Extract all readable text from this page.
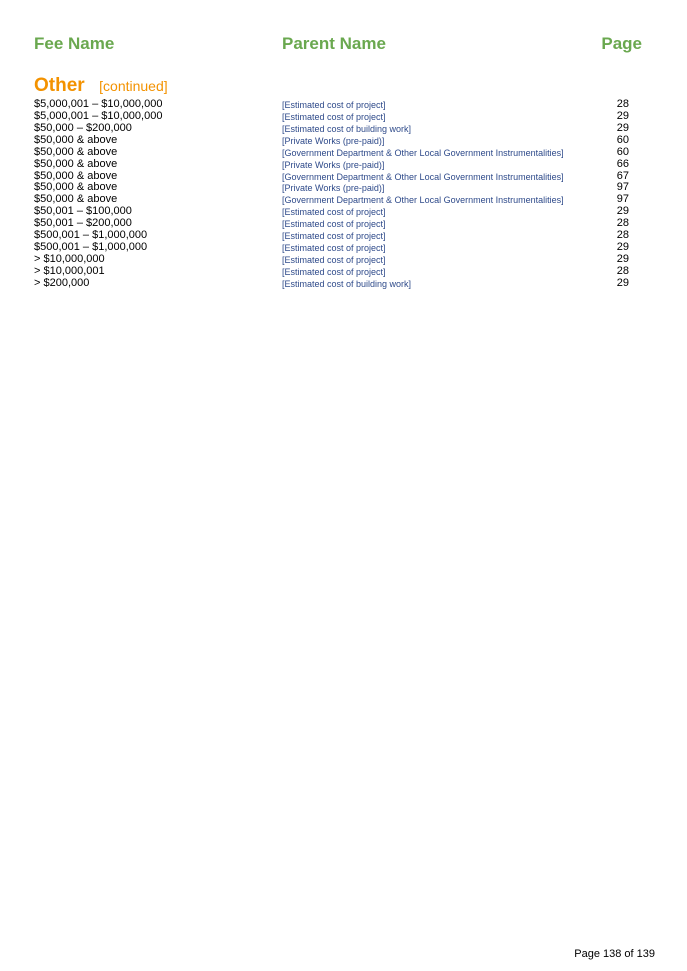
Fee Name	Parent Name	Page
Other [continued]
$5,000,001 – $10,000,000	[Estimated cost of project]	28
$5,000,001 – $10,000,000	[Estimated cost of project]	29
$50,000 – $200,000	[Estimated cost of building work]	29
$50,000 & above	[Private Works (pre-paid)]	60
$50,000 & above	[Government Department & Other Local Government Instrumentalities]	60
$50,000 & above	[Private Works (pre-paid)]	66
$50,000 & above	[Government Department & Other Local Government Instrumentalities]	67
$50,000 & above	[Private Works (pre-paid)]	97
$50,000 & above	[Government Department & Other Local Government Instrumentalities]	97
$50,001 – $100,000	[Estimated cost of project]	29
$50,001 – $200,000	[Estimated cost of project]	28
$500,001 – $1,000,000	[Estimated cost of project]	28
$500,001 – $1,000,000	[Estimated cost of project]	29
> $10,000,000	[Estimated cost of project]	29
> $10,000,001	[Estimated cost of project]	28
> $200,000	[Estimated cost of building work]	29
Page 138 of 139
